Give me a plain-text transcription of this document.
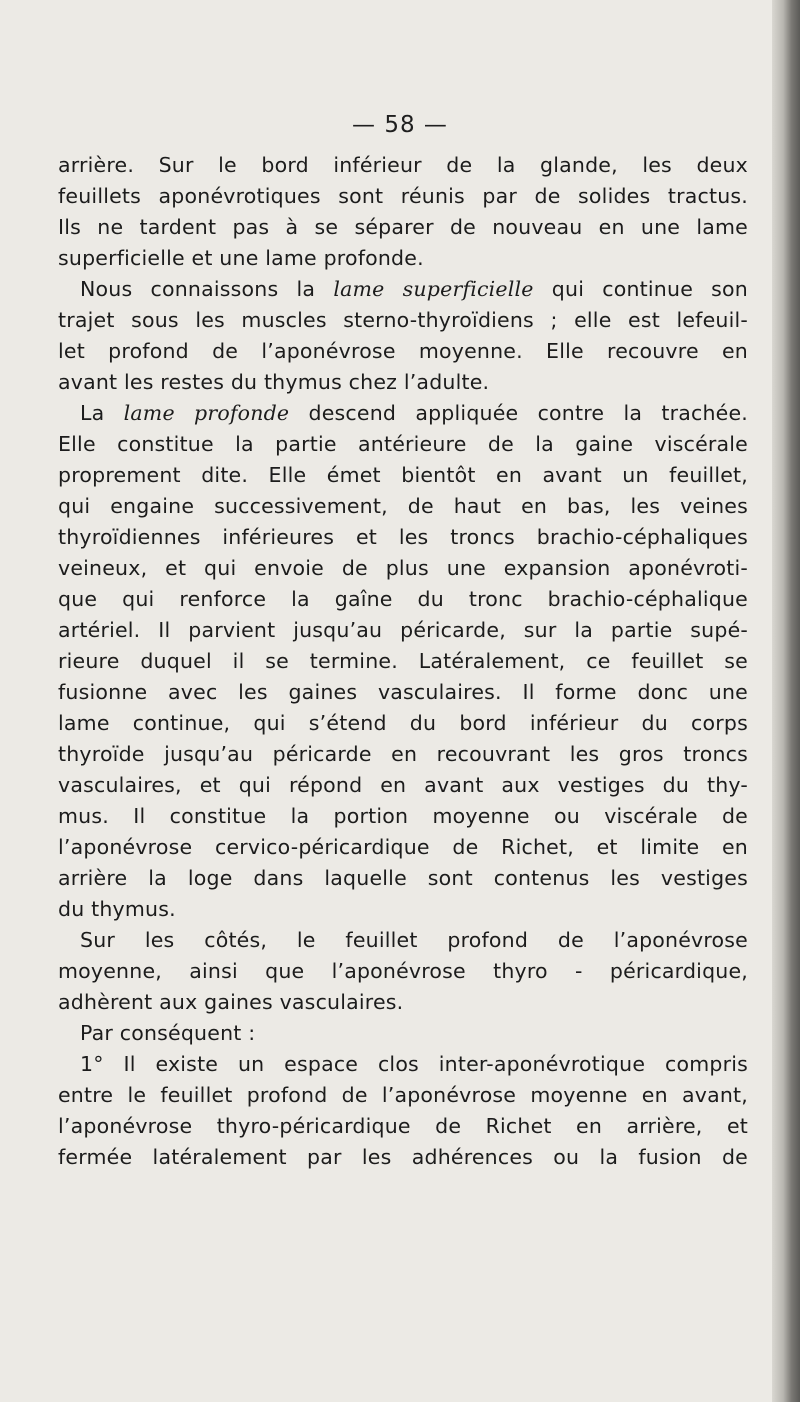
— 58 —
arrière. Sur le bord inférieur de la glande, les deux
feuillets aponévrotiques sont réunis par de solides tractus.
Ils ne tardent pas à se séparer de nouveau en une lame
superficielle et une lame profonde.
Nous connaissons la lame superficielle qui continue son
trajet sous les muscles sterno-thyroïdiens ; elle est lefeuil-
let profond de l’aponévrose moyenne. Elle recouvre en
avant les restes du thymus chez l’adulte.
La lame profonde descend appliquée contre la trachée.
Elle constitue la partie antérieure de la gaine viscérale
proprement dite. Elle émet bientôt en avant un feuillet,
qui engaine successivement, de haut en bas, les veines
thyroïdiennes inférieures et les troncs brachio-céphaliques
veineux, et qui envoie de plus une expansion aponévroti-
que qui renforce la gaîne du tronc brachio-céphalique
artériel. Il parvient jusqu’au péricarde, sur la partie supé-
rieure duquel il se termine. Latéralement, ce feuillet se
fusionne avec les gaines vasculaires. Il forme donc une
lame continue, qui s’étend du bord inférieur du corps
thyroïde jusqu’au péricarde en recouvrant les gros troncs
vasculaires, et qui répond en avant aux vestiges du thy-
mus. Il constitue la portion moyenne ou viscérale de
l’aponévrose cervico-péricardique de Richet, et limite en
arrière la loge dans laquelle sont contenus les vestiges
du thymus.
Sur les côtés, le feuillet profond de l’aponévrose
moyenne, ainsi que l’aponévrose thyro - péricardique,
adhèrent aux gaines vasculaires.
Par conséquent :
1° Il existe un espace clos inter-aponévrotique compris
entre le feuillet profond de l’aponévrose moyenne en avant,
l’aponévrose thyro-péricardique de Richet en arrière, et
fermée latéralement par les adhérences ou la fusion de
